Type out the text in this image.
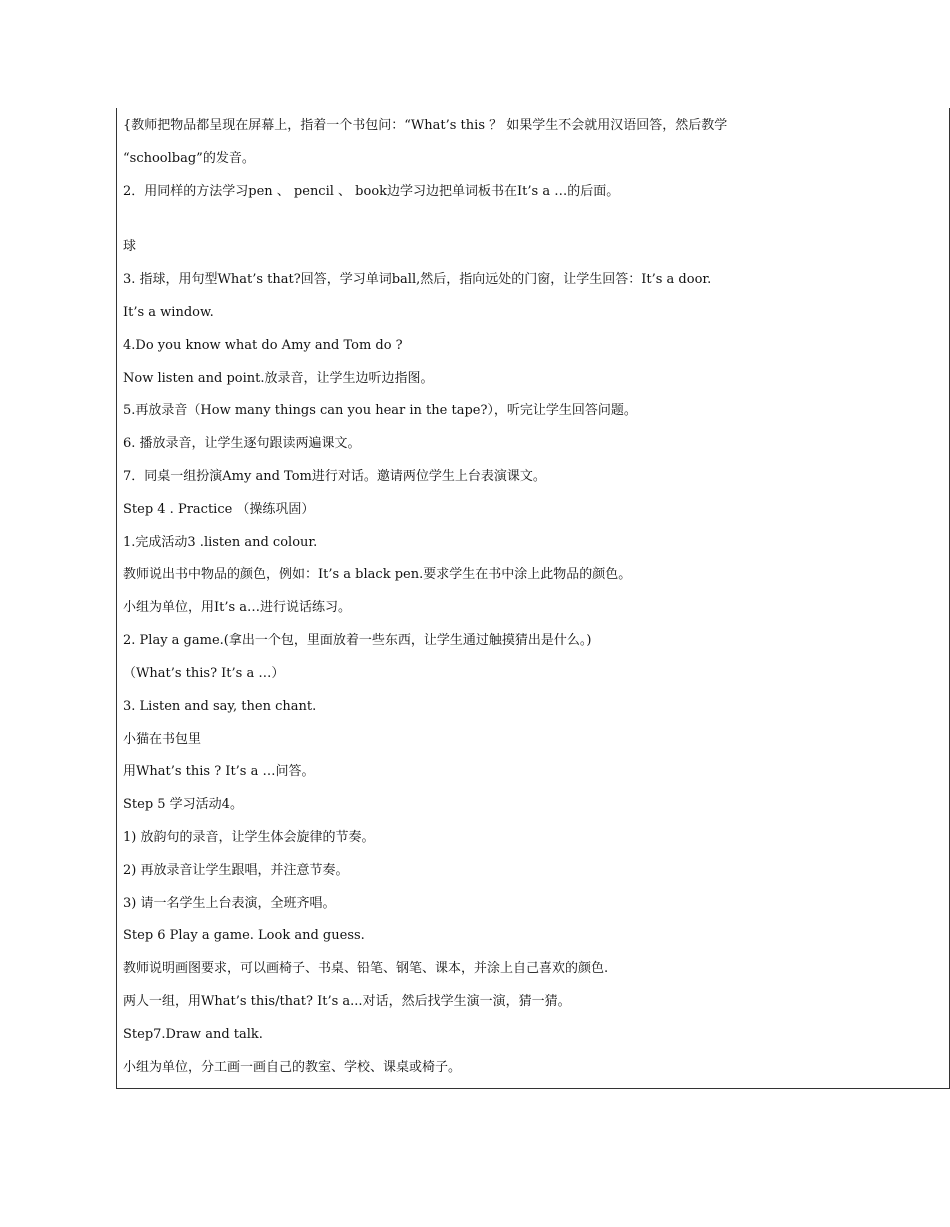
{教师把物品都呈现在屏幕上，指着一个书包问：“What’s this ？ 如果学生不会就用汉语回答，然后教学
“schoolbag”的发音。
2．用同样的方法学习pen 、 pencil 、 book边学习边把单词板书在It’s a …的后面。
球
3. 指球，用句型What’s that?回答，学习单词ball,然后，指向远处的门窗，让学生回答：It’s a door.
It’s a window.
4.Do you know what do Amy and Tom do ?
Now listen and point.放录音，让学生边听边指图。
5.再放录音（How many things can you hear in the tape?），听完让学生回答问题。
6. 播放录音，让学生逐句跟读两遍课文。
7．同桌一组扮演Amy and Tom进行对话。邀请两位学生上台表演课文。
Step 4 . Practice （操练巩固）
1.完成活动3 .listen and colour.
教师说出书中物品的颜色，例如：It’s a black pen.要求学生在书中涂上此物品的颜色。
小组为单位，用It’s a…进行说话练习。
2. Play a game.(拿出一个包，里面放着一些东西，让学生通过触摸猜出是什么。)
（What’s this? It’s a …）
3. Listen and say, then chant.
小猫在书包里
用What’s this ? It’s a …问答。
Step 5 学习活动4。
1) 放韵句的录音，让学生体会旋律的节奏。
2) 再放录音让学生跟唱，并注意节奏。
3) 请一名学生上台表演，全班齐唱。
Step 6 Play a game. Look and guess.
教师说明画图要求，可以画椅子、书桌、铅笔、钢笔、课本，并涂上自己喜欢的颜色.
两人一组，用What’s this/that? It’s a...对话，然后找学生演一演，猜一猜。
Step7.Draw and talk.
小组为单位，分工画一画自己的教室、学校、课桌或椅子。
